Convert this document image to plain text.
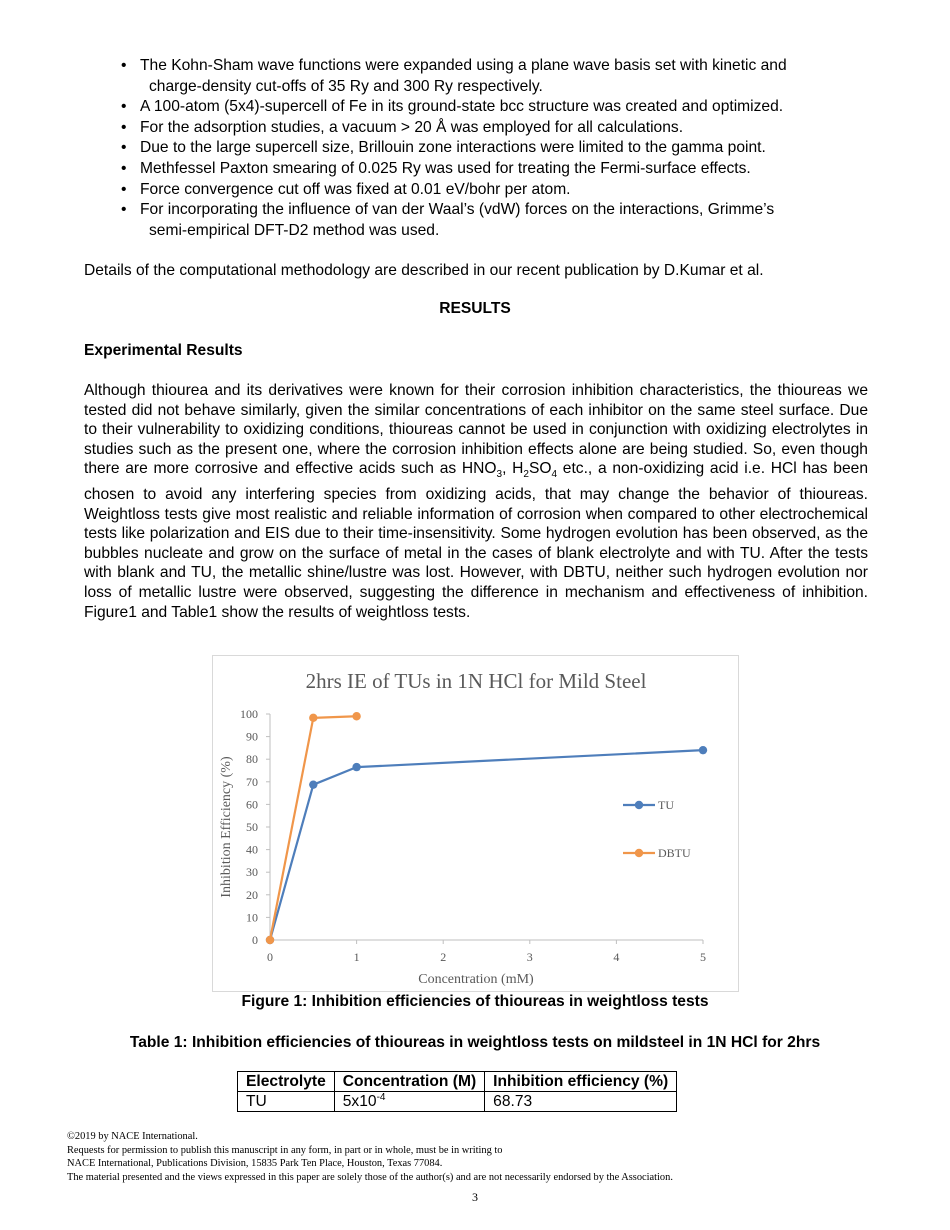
• The Kohn-Sham wave functions were expanded using a plane wave basis set with kinetic and
charge-density cut-offs of 35 Ry and 300 Ry respectively.
• A 100-atom (5x4)-supercell of Fe in its ground-state bcc structure was created and optimized.
• For the adsorption studies, a vacuum > 20 Å was employed for all calculations.
• Due to the large supercell size, Brillouin zone interactions were limited to the gamma point.
• Methfessel Paxton smearing of 0.025 Ry was used for treating the Fermi-surface effects.
• Force convergence cut off was fixed at 0.01 eV/bohr per atom.
• For incorporating the influence of van der Waal’s (vdW) forces on the interactions, Grimme’s
semi-empirical DFT-D2 method was used.

Details of the computational methodology are described in our recent publication by D.Kumar et al.

RESULTS
Experimental Results

Although thiourea and its derivatives were known for their corrosion inhibition characteristics, the thioureas we tested did not behave similarly, given the similar concentrations of each inhibitor on the same steel surface. Due to their vulnerability to oxidizing conditions, thioureas cannot be used in conjunction with oxidizing electrolytes in studies such as the present one, where the corrosion inhibition effects alone are being studied. So, even though there are more corrosive and effective acids such as $HNO_3$, $H_2SO_4$ etc., a non-oxidizing acid i.e. HCl has been chosen to avoid any interfering species from oxidizing acids, that may change the behavior of thioureas. Weightloss tests give most realistic and reliable information of corrosion when compared to other electrochemical tests like polarization and EIS due to their time-insensitivity. Some hydrogen evolution has been observed, as the bubbles nucleate and grow on the surface of metal in the cases of blank electrolyte and with TU. After the tests with blank and TU, the metallic shine/lustre was lost. However, with DBTU, neither such hydrogen evolution nor loss of metallic lustre were observed, suggesting the difference in mechanism and effectiveness of inhibition. Figure1 and Table1 show the results of weightloss tests.

2hrs IE of TUs in 1N HCl for Mild Steel
0
10
20
30
40
50
60
70
80
90
100
0	1	2	3	4	5
TU
DBTU
Concentration (mM)
Inhibition Efficiency (%)
Figure 1: Inhibition efficiencies of thioureas in weightloss tests
Table 1: Inhibition efficiencies of thioureas in weightloss tests on mildsteel in 1N HCl for 2hrs
Electrolyte	Concentration (M)	Inhibition efficiency (%)
TU	$5x10^{-4}$	68.73
©2019 by NACE International.
Requests for permission to publish this manuscript in any form, in part or in whole, must be in writing to
NACE International, Publications Division, 15835 Park Ten Place, Houston, Texas 77084.
The material presented and the views expressed in this paper are solely those of the author(s) and are not necessarily endorsed by the Association.
3
